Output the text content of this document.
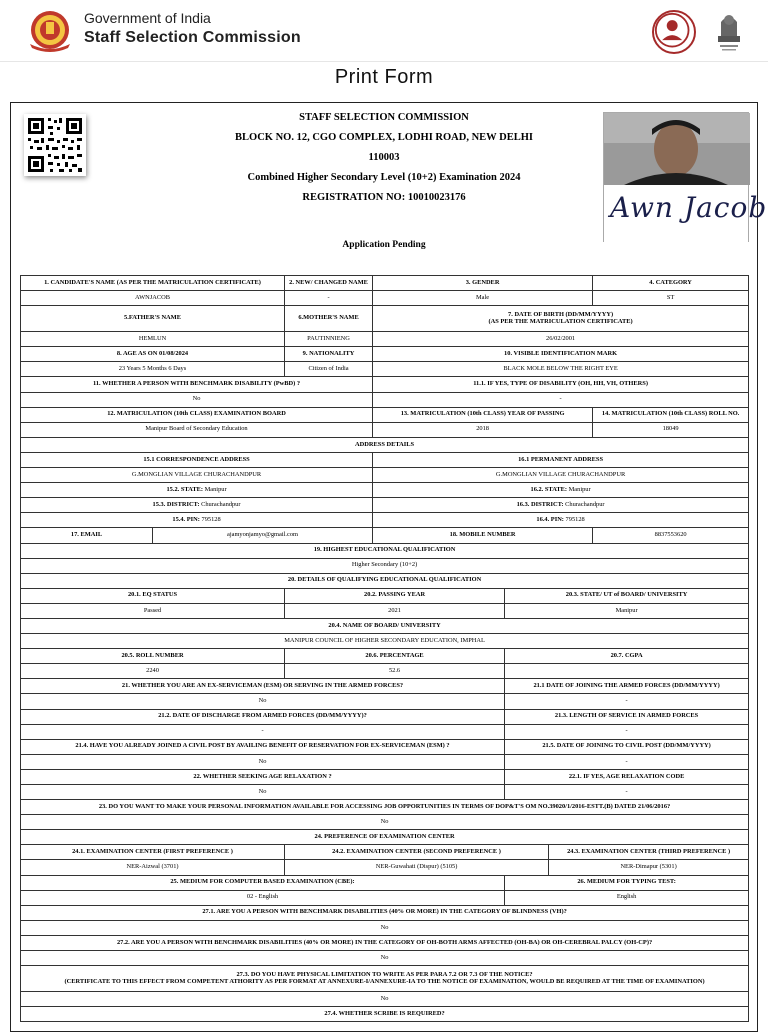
Government of India
Staff Selection Commission
Print Form
Awn Jacob
STAFF SELECTION COMMISSION
BLOCK NO. 12, CGO COMPLEX, LODHI ROAD, NEW DELHI
110003
Combined Higher Secondary Level (10+2) Examination 2024
REGISTRATION NO: 10010023176
Application Pending
1. CANDIDATE'S NAME (AS PER THE MATRICULATION CERTIFICATE)		2. NEW/ CHANGED NAME	3. GENDER			4. CATEGORY
AWNJACOB		-	Male			ST
5.FATHER'S NAME		6.MOTHER'S NAME	7. DATE OF BIRTH (DD/MM/YYYY)
(AS PER THE MATRICULATION CERTIFICATE)			
HEMLUN		PAUTINNIENG	26/02/2001			
8. AGE AS ON 01/08/2024		9. NATIONALITY	10. VISIBLE IDENTIFICATION MARK			
23 Years 5 Months 6 Days		Citizen of India	BLACK MOLE BELOW THE RIGHT EYE			
11. WHETHER A PERSON WITH BENCHMARK DISABILITY (PwBD) ?			11.1. IF YES, TYPE OF DISABILITY (OH, HH, VH, OTHERS)			
No			-			
12. MATRICULATION (10th CLASS) EXAMINATION BOARD			13. MATRICULATION (10th CLASS) YEAR OF PASSING			14. MATRICULATION (10th CLASS) ROLL NO.
Manipur Board of Secondary Education			2018			18049
ADDRESS DETAILS						
15.1 CORRESPONDENCE ADDRESS			16.1 PERMANENT ADDRESS			
G.MONGLIAN VILLAGE CHURACHANDPUR			G.MONGLIAN VILLAGE CHURACHANDPUR			
15.2. STATE: Manipur			16.2. STATE: Manipur			
15.3. DISTRICT: Churachandpur			16.3. DISTRICT: Churachandpur			
15.4. PIN: 795128			16.4. PIN: 795128			
17. EMAIL	ajamyonjamyo@gmail.com		18. MOBILE NUMBER			8837553620
19. HIGHEST EDUCATIONAL QUALIFICATION						
Higher Secondary (10+2)						
20. DETAILS OF QUALIFYING EDUCATIONAL QUALIFICATION						
20.1. EQ STATUS		20.2. PASSING YEAR		20.3. STATE/ UT of BOARD/ UNIVERSITY		
Passed		2021		Manipur		
20.4. NAME OF BOARD/ UNIVERSITY						
MANIPUR COUNCIL OF HIGHER SECONDARY EDUCATION, IMPHAL						
20.5. ROLL NUMBER		20.6. PERCENTAGE		20.7. CGPA		
2240		52.6				
21. WHETHER YOU ARE AN EX-SERVICEMAN (ESM) OR SERVING IN THE ARMED FORCES?				21.1 DATE OF JOINING THE ARMED FORCES (DD/MM/YYYY)		
No				-		
21.2. DATE OF DISCHARGE FROM ARMED FORCES (DD/MM/YYYY)?				21.3. LENGTH OF SERVICE IN ARMED FORCES		
-				-		
21.4. HAVE YOU ALREADY JOINED A CIVIL POST BY AVAILING BENEFIT OF RESERVATION FOR EX-SERVICEMAN (ESM) ?				21.5. DATE OF JOINING TO CIVIL POST (DD/MM/YYYY)		
No				-		
22. WHETHER SEEKING AGE RELAXATION ?				22.1. IF YES, AGE RELAXATION CODE		
No				-		
23. DO YOU WANT TO MAKE YOUR PERSONAL INFORMATION AVAILABLE FOR ACCESSING JOB OPPORTUNITIES IN TERMS OF DOP&T'S OM NO.39020/1/2016-ESTT.(B) DATED 21/06/2016?						
No						
24. PREFERENCE OF EXAMINATION CENTER						
24.1. EXAMINATION CENTER (FIRST PREFERENCE )		24.2. EXAMINATION CENTER (SECOND PREFERENCE )			24.3. EXAMINATION CENTER (THIRD PREFERENCE )	
NER-Aizwal (3701)		NER-Guwahati (Dispur) (5105)			NER-Dimapur (5301)	
25. MEDIUM FOR COMPUTER BASED EXAMINATION (CBE):				26. MEDIUM FOR TYPING TEST:		
02 - English				English		
27.1. ARE YOU A PERSON WITH BENCHMARK DISABILITIES (40% OR MORE) IN THE CATEGORY OF BLINDNESS (VH)?						
No						
27.2. ARE YOU A PERSON WITH BENCHMARK DISABILITIES (40% OR MORE) IN THE CATEGORY OF OH-BOTH ARMS AFFECTED (OH-BA) OR OH-CEREBRAL PALCY (OH-CP)?						
No						
27.3. DO YOU HAVE PHYSICAL LIMITATION TO WRITE AS PER PARA 7.2 OR 7.3 OF THE NOTICE?
(CERTIFICATE TO THIS EFFECT FROM COMPETENT ATHORITY AS PER FORMAT AT ANNEXURE-I/ANNEXURE-IA TO THE NOTICE OF EXAMINATION, WOULD BE REQUIRED AT THE TIME OF EXAMINATION)						
No						
27.4. WHETHER SCRIBE IS REQUIRED?						
